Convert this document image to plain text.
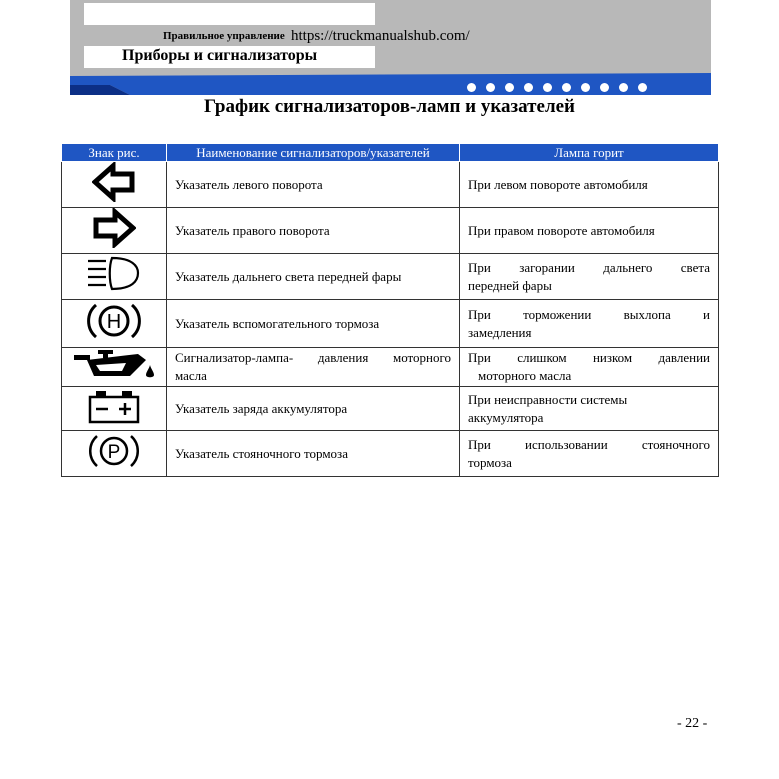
Правильное управление https://truckmanualshub.com/
Приборы и сигнализаторы
График сигнализаторов-ламп и указателей
Знак рис.	Наименование сигнализаторов/указателей	Лампа горит
	Указатель левого поворота	При левом повороте автомобиля
	Указатель правого поворота	При правом повороте автомобиля
	Указатель дальнего света передней фары	При загорании дальнего света
передней фары

H	Указатель вспомогательного тормоза	При торможении выхлопа и
замедления

	Сигнализатор-лампа- давления моторного
масла	При слишком низком давлении
моторного масла

	Указатель заряда аккумулятора	При неисправности системы
аккумулятора

P	Указатель стояночного тормоза	При использовании стояночного
тормоза
- 22 -
